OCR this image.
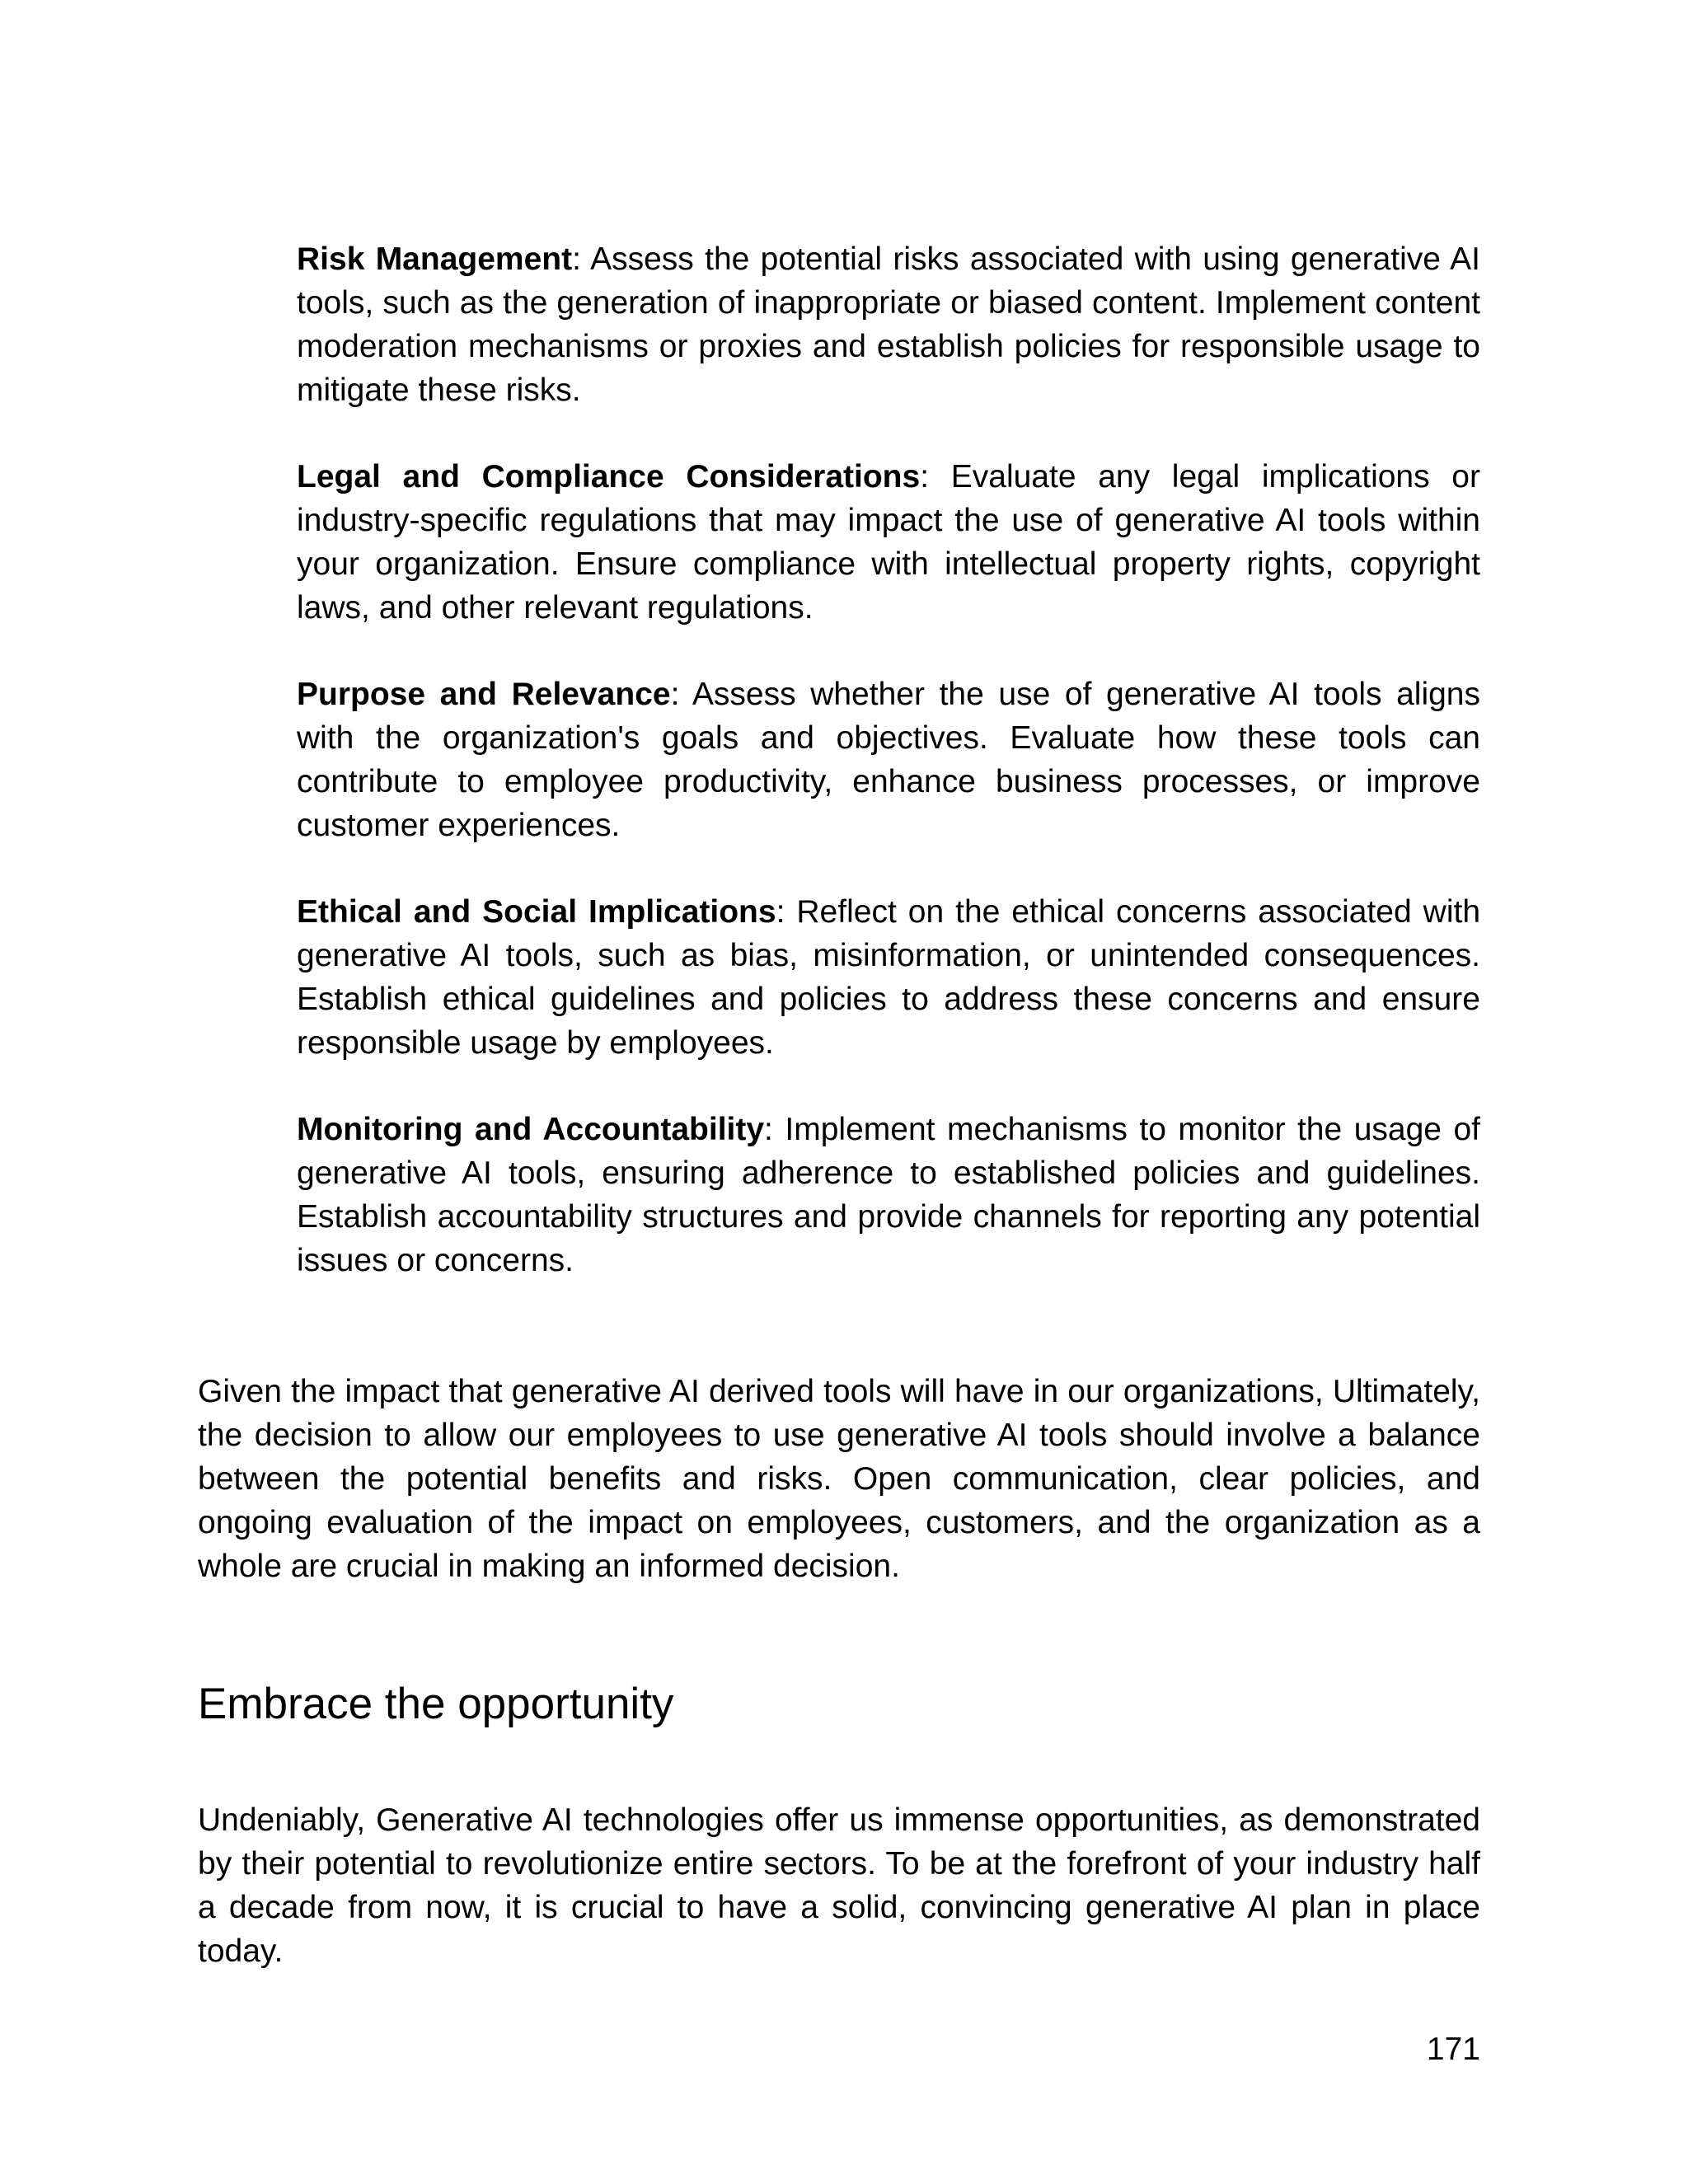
Risk Management: Assess the potential risks associated with using generative AI tools, such as the generation of inappropriate or biased content. Implement content moderation mechanisms or proxies and establish policies for responsible usage to mitigate these risks.

Legal and Compliance Considerations: Evaluate any legal implications or industry-specific regulations that may impact the use of generative AI tools within your organization. Ensure compliance with intellectual property rights, copyright laws, and other relevant regulations.

Purpose and Relevance: Assess whether the use of generative AI tools aligns with the organization's goals and objectives. Evaluate how these tools can contribute to employee productivity, enhance business processes, or improve customer experiences.

Ethical and Social Implications: Reflect on the ethical concerns associated with generative AI tools, such as bias, misinformation, or unintended consequences. Establish ethical guidelines and policies to address these concerns and ensure responsible usage by employees.

Monitoring and Accountability: Implement mechanisms to monitor the usage of generative AI tools, ensuring adherence to established policies and guidelines. Establish accountability structures and provide channels for reporting any potential issues or concerns.

Given the impact that generative AI derived tools will have in our organizations, Ultimately, the decision to allow our employees to use generative AI tools should involve a balance between the potential benefits and risks. Open communication, clear policies, and ongoing evaluation of the impact on employees, customers, and the organization as a whole are crucial in making an informed decision.

Embrace the opportunity

Undeniably, Generative AI technologies offer us immense opportunities, as demonstrated by their potential to revolutionize entire sectors. To be at the forefront of your industry half a decade from now, it is crucial to have a solid, convincing generative AI plan in place today.

171
